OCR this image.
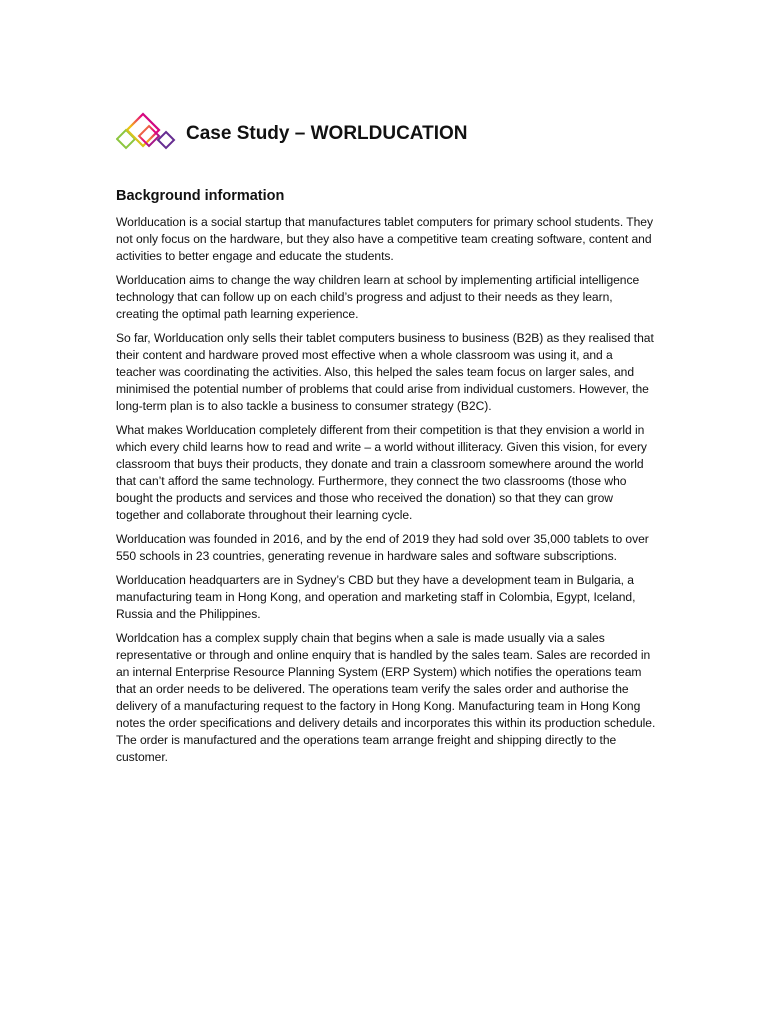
Case Study – WORLDUCATION
Background information

Worlducation is a social startup that manufactures tablet computers for primary school students. They not only focus on the hardware, but they also have a competitive team creating software, content and activities to better engage and educate the students.

Worlducation aims to change the way children learn at school by implementing artificial intelligence technology that can follow up on each child’s progress and adjust to their needs as they learn, creating the optimal path learning experience.

So far, Worlducation only sells their tablet computers business to business (B2B) as they realised that their content and hardware proved most effective when a whole classroom was using it, and a teacher was coordinating the activities. Also, this helped the sales team focus on larger sales, and minimised the potential number of problems that could arise from individual customers. However, the long-term plan is to also tackle a business to consumer strategy (B2C).

What makes Worlducation completely different from their competition is that they envision a world in which every child learns how to read and write – a world without illiteracy. Given this vision, for every classroom that buys their products, they donate and train a classroom somewhere around the world that can’t afford the same technology. Furthermore, they connect the two classrooms (those who bought the products and services and those who received the donation) so that they can grow together and collaborate throughout their learning cycle.

Worlducation was founded in 2016, and by the end of 2019 they had sold over 35,000 tablets to over 550 schools in 23 countries, generating revenue in hardware sales and software subscriptions.

Worlducation headquarters are in Sydney’s CBD but they have a development team in Bulgaria, a manufacturing team in Hong Kong, and operation and marketing staff in Colombia, Egypt, Iceland, Russia and the Philippines.

Worldcation has a complex supply chain that begins when a sale is made usually via a sales representative or through and online enquiry that is handled by the sales team. Sales are recorded in an internal Enterprise Resource Planning System (ERP System) which notifies the operations team that an order needs to be delivered. The operations team verify the sales order and authorise the delivery of a manufacturing request to the factory in Hong Kong. Manufacturing team in Hong Kong notes the order specifications and delivery details and incorporates this within its production schedule. The order is manufactured and the operations team arrange freight and shipping directly to the customer.
